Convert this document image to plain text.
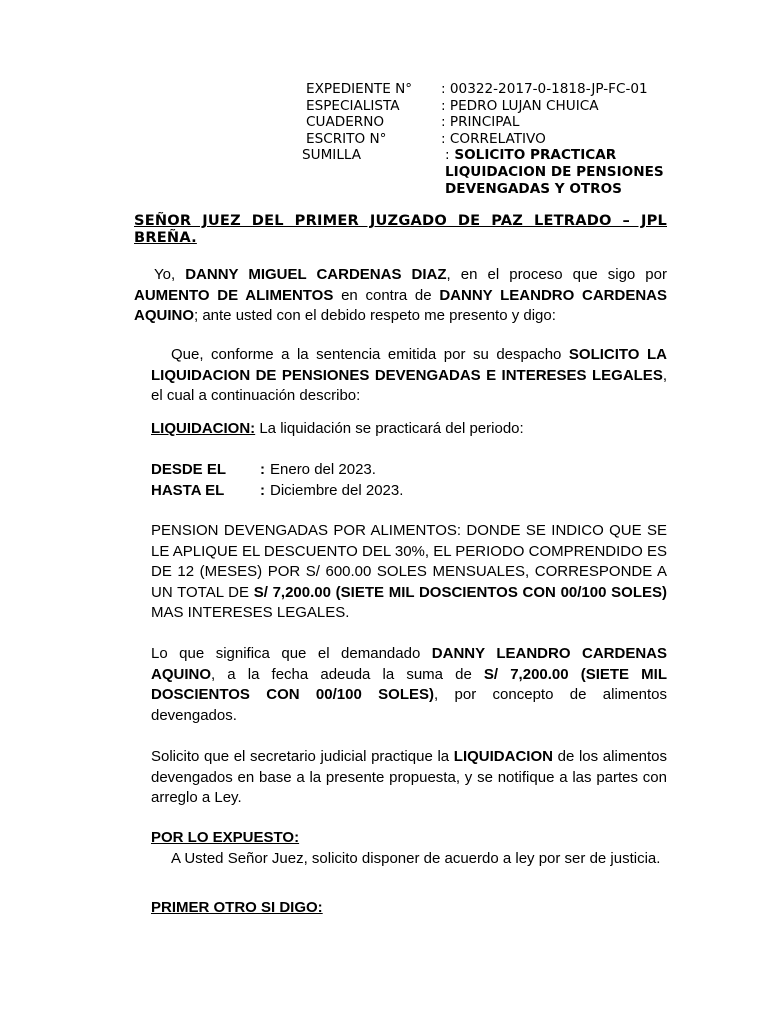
EXPEDIENTE N° : 00322-2017-0-1818-JP-FC-01
ESPECIALISTA	: PEDRO LUJAN CHUICA
CUADERNO	: PRINCIPAL
ESCRITO N°	: CORRELATIVO
SUMILLA	: SOLICITO PRACTICAR LIQUIDACION DE PENSIONES DEVENGADAS Y OTROS
SEÑOR JUEZ DEL PRIMER JUZGADO DE PAZ LETRADO – JPL BREÑA.
Yo, DANNY MIGUEL CARDENAS DIAZ, en el proceso que sigo por AUMENTO DE ALIMENTOS en contra de DANNY LEANDRO CARDENAS AQUINO; ante usted con el debido respeto me presento y digo:
Que, conforme a la sentencia emitida por su despacho SOLICITO LA LIQUIDACION DE PENSIONES DEVENGADAS E INTERESES LEGALES, el cual a continuación describo:
LIQUIDACION: La liquidación se practicará del periodo:
DESDE EL : Enero del 2023.
HASTA EL : Diciembre del 2023.
PENSION DEVENGADAS POR ALIMENTOS: DONDE SE INDICO QUE SE LE APLIQUE EL DESCUENTO DEL 30%, EL PERIODO COMPRENDIDO ES DE 12 (MESES) POR S/ 600.00 SOLES MENSUALES, CORRESPONDE A UN TOTAL DE S/ 7,200.00 (SIETE MIL DOSCIENTOS CON 00/100 SOLES) MAS INTERESES LEGALES.
Lo que significa que el demandado DANNY LEANDRO CARDENAS AQUINO, a la fecha adeuda la suma de S/ 7,200.00 (SIETE MIL DOSCIENTOS CON 00/100 SOLES), por concepto de alimentos devengados.
Solicito que el secretario judicial practique la LIQUIDACION de los alimentos devengados en base a la presente propuesta, y se notifique a las partes con arreglo a Ley.
POR LO EXPUESTO:
A Usted Señor Juez, solicito disponer de acuerdo a ley por ser de justicia.
PRIMER OTRO SI DIGO:
